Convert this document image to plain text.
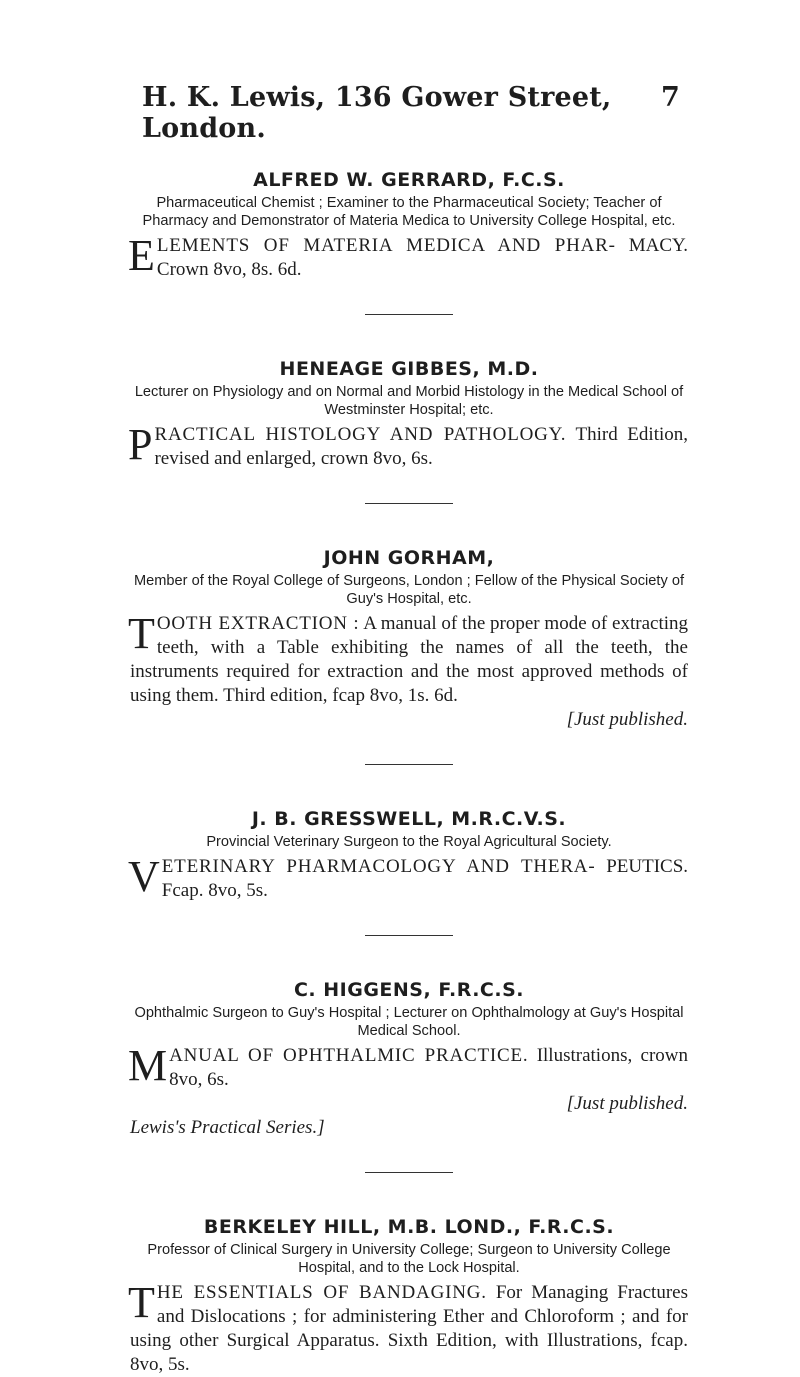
H. K. Lewis, 136 Gower Street, London.
7

ALFRED W. GERRARD, F.C.S.

Pharmaceutical Chemist ; Examiner to the Pharmaceutical Society; Teacher of Pharmacy and Demonstrator of Materia Medica to University College Hospital, etc.

E LEMENTS OF MATERIA MEDICA AND PHAR- MACY. Crown 8vo, 8s. 6d.

HENEAGE GIBBES, M.D.

Lecturer on Physiology and on Normal and Morbid Histology in the Medical School of Westminster Hospital; etc.

P RACTICAL HISTOLOGY AND PATHOLOGY. Third Edition, revised and enlarged, crown 8vo, 6s.

JOHN GORHAM,

Member of the Royal College of Surgeons, London ; Fellow of the Physical Society of Guy's Hospital, etc.

T OOTH EXTRACTION : A manual of the proper mode of extracting teeth, with a Table exhibiting the names of all the teeth, the instruments required for extraction and the most approved methods of using them. Third edition, fcap 8vo, 1s. 6d.
[Just published.

J. B. GRESSWELL, M.R.C.V.S.

Provincial Veterinary Surgeon to the Royal Agricultural Society.

V ETERINARY PHARMACOLOGY AND THERA- PEUTICS. Fcap. 8vo, 5s.

C. HIGGENS, F.R.C.S.

Ophthalmic Surgeon to Guy's Hospital ; Lecturer on Ophthalmology at Guy's Hospital Medical School.

M ANUAL OF OPHTHALMIC PRACTICE. Illustrations, crown 8vo, 6s.
[Just published.
Lewis's Practical Series.]

BERKELEY HILL, M.B. LOND., F.R.C.S.

Professor of Clinical Surgery in University College; Surgeon to University College Hospital, and to the Lock Hospital.

T HE ESSENTIALS OF BANDAGING. For Managing Fractures and Dislocations ; for administering Ether and Chloroform ; and for using other Surgical Apparatus. Sixth Edition, with Illustrations, fcap. 8vo, 5s.
